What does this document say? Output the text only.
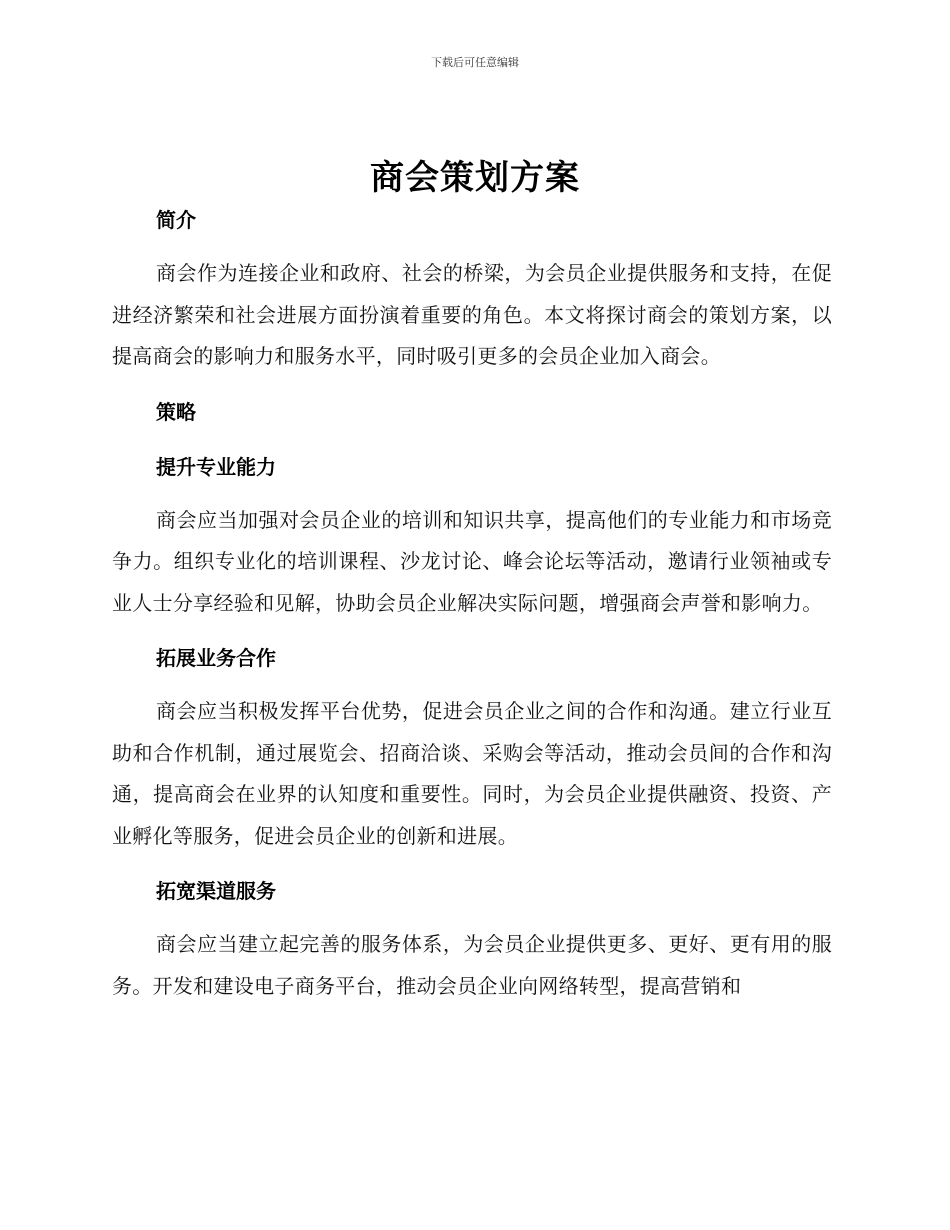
下载后可任意编辑
商会策划方案
简介

商会作为连接企业和政府、社会的桥梁，为会员企业提供服务和支持，在促进经济繁荣和社会进展方面扮演着重要的角色。本文将探讨商会的策划方案，以提高商会的影响力和服务水平，同时吸引更多的会员企业加入商会。

策略
提升专业能力

商会应当加强对会员企业的培训和知识共享，提高他们的专业能力和市场竞争力。组织专业化的培训课程、沙龙讨论、峰会论坛等活动，邀请行业领袖或专业人士分享经验和见解，协助会员企业解决实际问题，增强商会声誉和影响力。

拓展业务合作

商会应当积极发挥平台优势，促进会员企业之间的合作和沟通。建立行业互助和合作机制，通过展览会、招商洽谈、采购会等活动，推动会员间的合作和沟通，提高商会在业界的认知度和重要性。同时，为会员企业提供融资、投资、产业孵化等服务，促进会员企业的创新和进展。

拓宽渠道服务

商会应当建立起完善的服务体系，为会员企业提供更多、更好、更有用的服务。开发和建设电子商务平台，推动会员企业向网络转型，提高营销和
